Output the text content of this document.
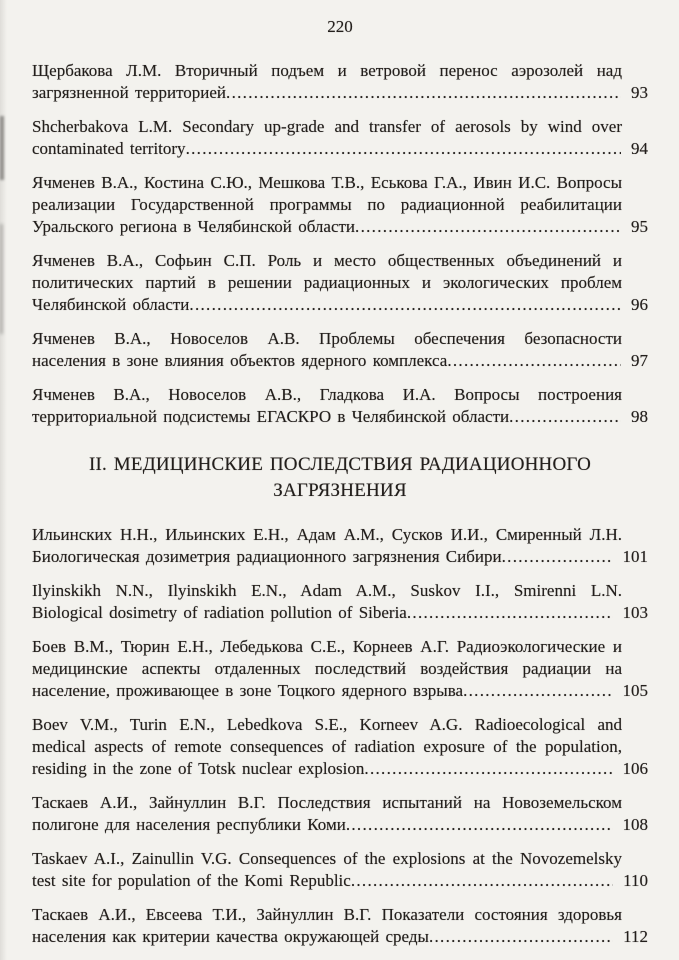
220
Щербакова Л.М. Вторичный подъем и ветровой перенос аэрозолей над загрязненной территорией	93
Shcherbakova L.M. Secondary up-grade and transfer of aerosols by wind over contaminated territory	94
Ячменев В.А., Костина С.Ю., Мешкова Т.В., Еськова Г.А., Ивин И.С. Вопросы реализации Государственной программы по радиационной реабилитации Уральского региона в Челябинской области	95
Ячменев В.А., Софьин С.П. Роль и место общественных объединений и политических партий в решении радиационных и экологических проблем Челябинской области	96
Ячменев В.А., Новоселов А.В. Проблемы обеспечения безопасности населения в зоне влияния объектов ядерного комплекса	97
Ячменев В.А., Новоселов А.В., Гладкова И.А. Вопросы построения территориальной подсистемы ЕГАСКРО в Челябинской области	98
II. МЕДИЦИНСКИЕ ПОСЛЕДСТВИЯ РАДИАЦИОННОГО ЗАГРЯЗНЕНИЯ
Ильинских Н.Н., Ильинских Е.Н., Адам А.М., Сусков И.И., Смиренный Л.Н. Биологическая дозиметрия радиационного загрязнения Сибири	101
Ilyinskikh N.N., Ilyinskikh E.N., Adam A.M., Suskov I.I., Smirenni L.N. Biological dosimetry of radiation pollution of Siberia	103
Боев В.М., Тюрин Е.Н., Лебедькова С.Е., Корнеев А.Г. Радиоэкологические и медицинские аспекты отдаленных последствий воздействия радиации на население, проживающее в зоне Тоцкого ядерного взрыва	105
Boev V.M., Turin E.N., Lebedkova S.E., Korneev A.G. Radioecological and medical aspects of remote consequences of radiation exposure of the population, residing in the zone of Totsk nuclear explosion	106
Таскаев А.И., Зайнуллин В.Г. Последствия испытаний на Новоземельском полигоне для населения республики Коми	108
Taskaev A.I., Zainullin V.G. Consequences of the explosions at the Novozemelsky test site for population of the Komi Republic	110
Таскаев А.И., Евсеева Т.И., Зайнуллин В.Г. Показатели состояния здоровья населения как критерии качества окружающей среды	112
